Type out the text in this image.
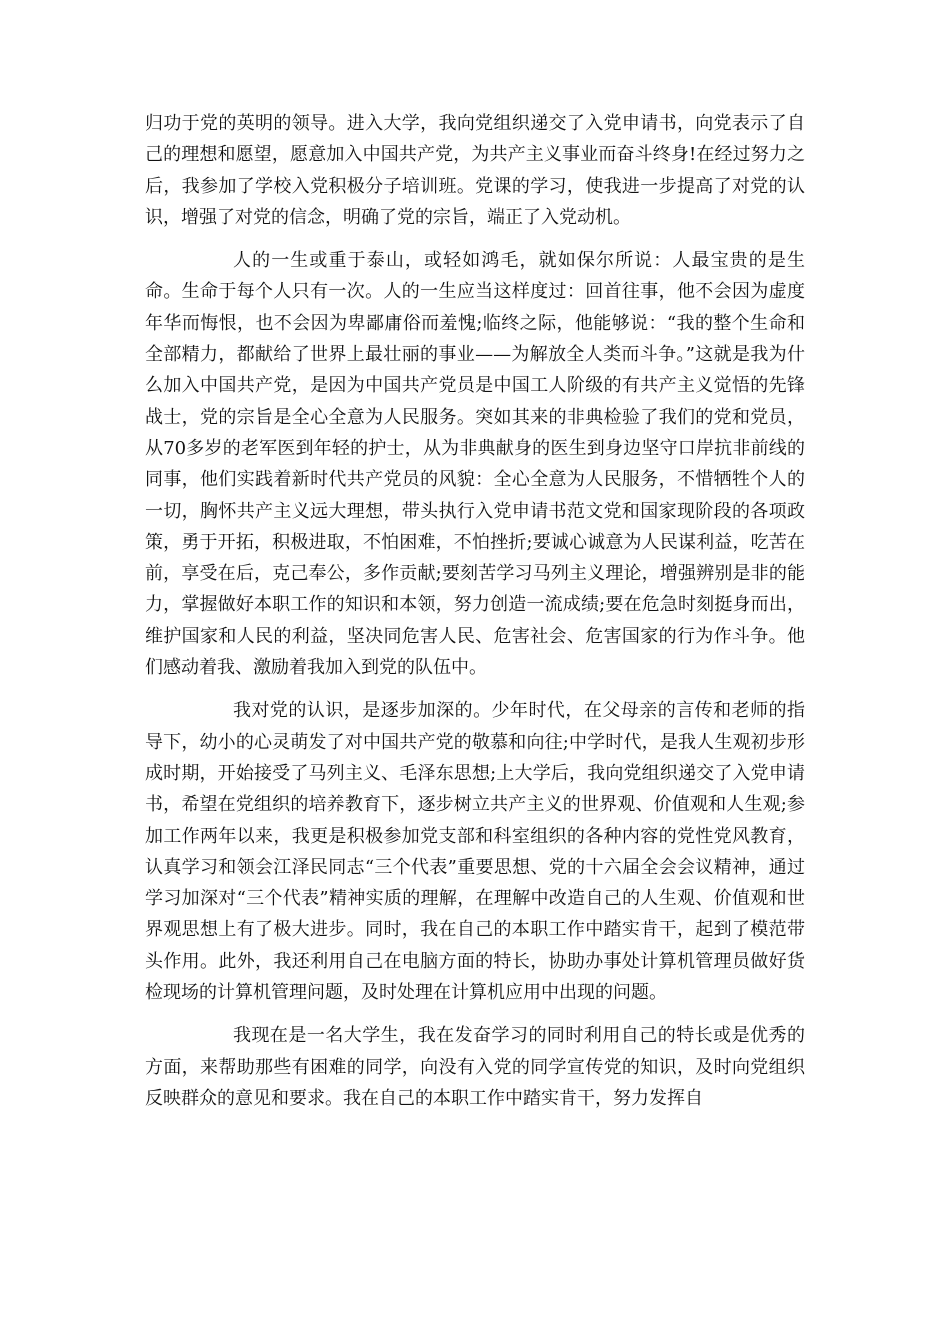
归功于党的英明的领导。进入大学，我向党组织递交了入党申请书，向党表示了自己的理想和愿望，愿意加入中国共产党，为共产主义事业而奋斗终身!在经过努力之后，我参加了学校入党积极分子培训班。党课的学习，使我进一步提高了对党的认识，增强了对党的信念，明确了党的宗旨，端正了入党动机。

人的一生或重于泰山，或轻如鸿毛，就如保尔所说：人最宝贵的是生命。生命于每个人只有一次。人的一生应当这样度过：回首往事，他不会因为虚度年华而悔恨，也不会因为卑鄙庸俗而羞愧;临终之际，他能够说：“我的整个生命和全部精力，都献给了世界上最壮丽的事业——为解放全人类而斗争。”这就是我为什么加入中国共产党，是因为中国共产党员是中国工人阶级的有共产主义觉悟的先锋战士，党的宗旨是全心全意为人民服务。突如其来的非典检验了我们的党和党员，从70多岁的老军医到年轻的护士，从为非典献身的医生到身边坚守口岸抗非前线的同事，他们实践着新时代共产党员的风貌：全心全意为人民服务，不惜牺牲个人的一切，胸怀共产主义远大理想，带头执行入党申请书范文党和国家现阶段的各项政策，勇于开拓，积极进取，不怕困难，不怕挫折;要诚心诚意为人民谋利益，吃苦在前，享受在后，克己奉公，多作贡献;要刻苦学习马列主义理论，增强辨别是非的能力，掌握做好本职工作的知识和本领，努力创造一流成绩;要在危急时刻挺身而出，维护国家和人民的利益，坚决同危害人民、危害社会、危害国家的行为作斗争。他们感动着我、激励着我加入到党的队伍中。

我对党的认识，是逐步加深的。少年时代，在父母亲的言传和老师的指导下，幼小的心灵萌发了对中国共产党的敬慕和向往;中学时代，是我人生观初步形成时期，开始接受了马列主义、毛泽东思想;上大学后，我向党组织递交了入党申请书，希望在党组织的培养教育下，逐步树立共产主义的世界观、价值观和人生观;参加工作两年以来，我更是积极参加党支部和科室组织的各种内容的党性党风教育，认真学习和领会江泽民同志“三个代表”重要思想、党的十六届全会会议精神，通过学习加深对“三个代表”精神实质的理解，在理解中改造自己的人生观、价值观和世界观思想上有了极大进步。同时，我在自己的本职工作中踏实肯干，起到了模范带头作用。此外，我还利用自己在电脑方面的特长，协助办事处计算机管理员做好货检现场的计算机管理问题，及时处理在计算机应用中出现的问题。

我现在是一名大学生，我在发奋学习的同时利用自己的特长或是优秀的方面，来帮助那些有困难的同学，向没有入党的同学宣传党的知识，及时向党组织反映群众的意见和要求。我在自己的本职工作中踏实肯干，努力发挥自
